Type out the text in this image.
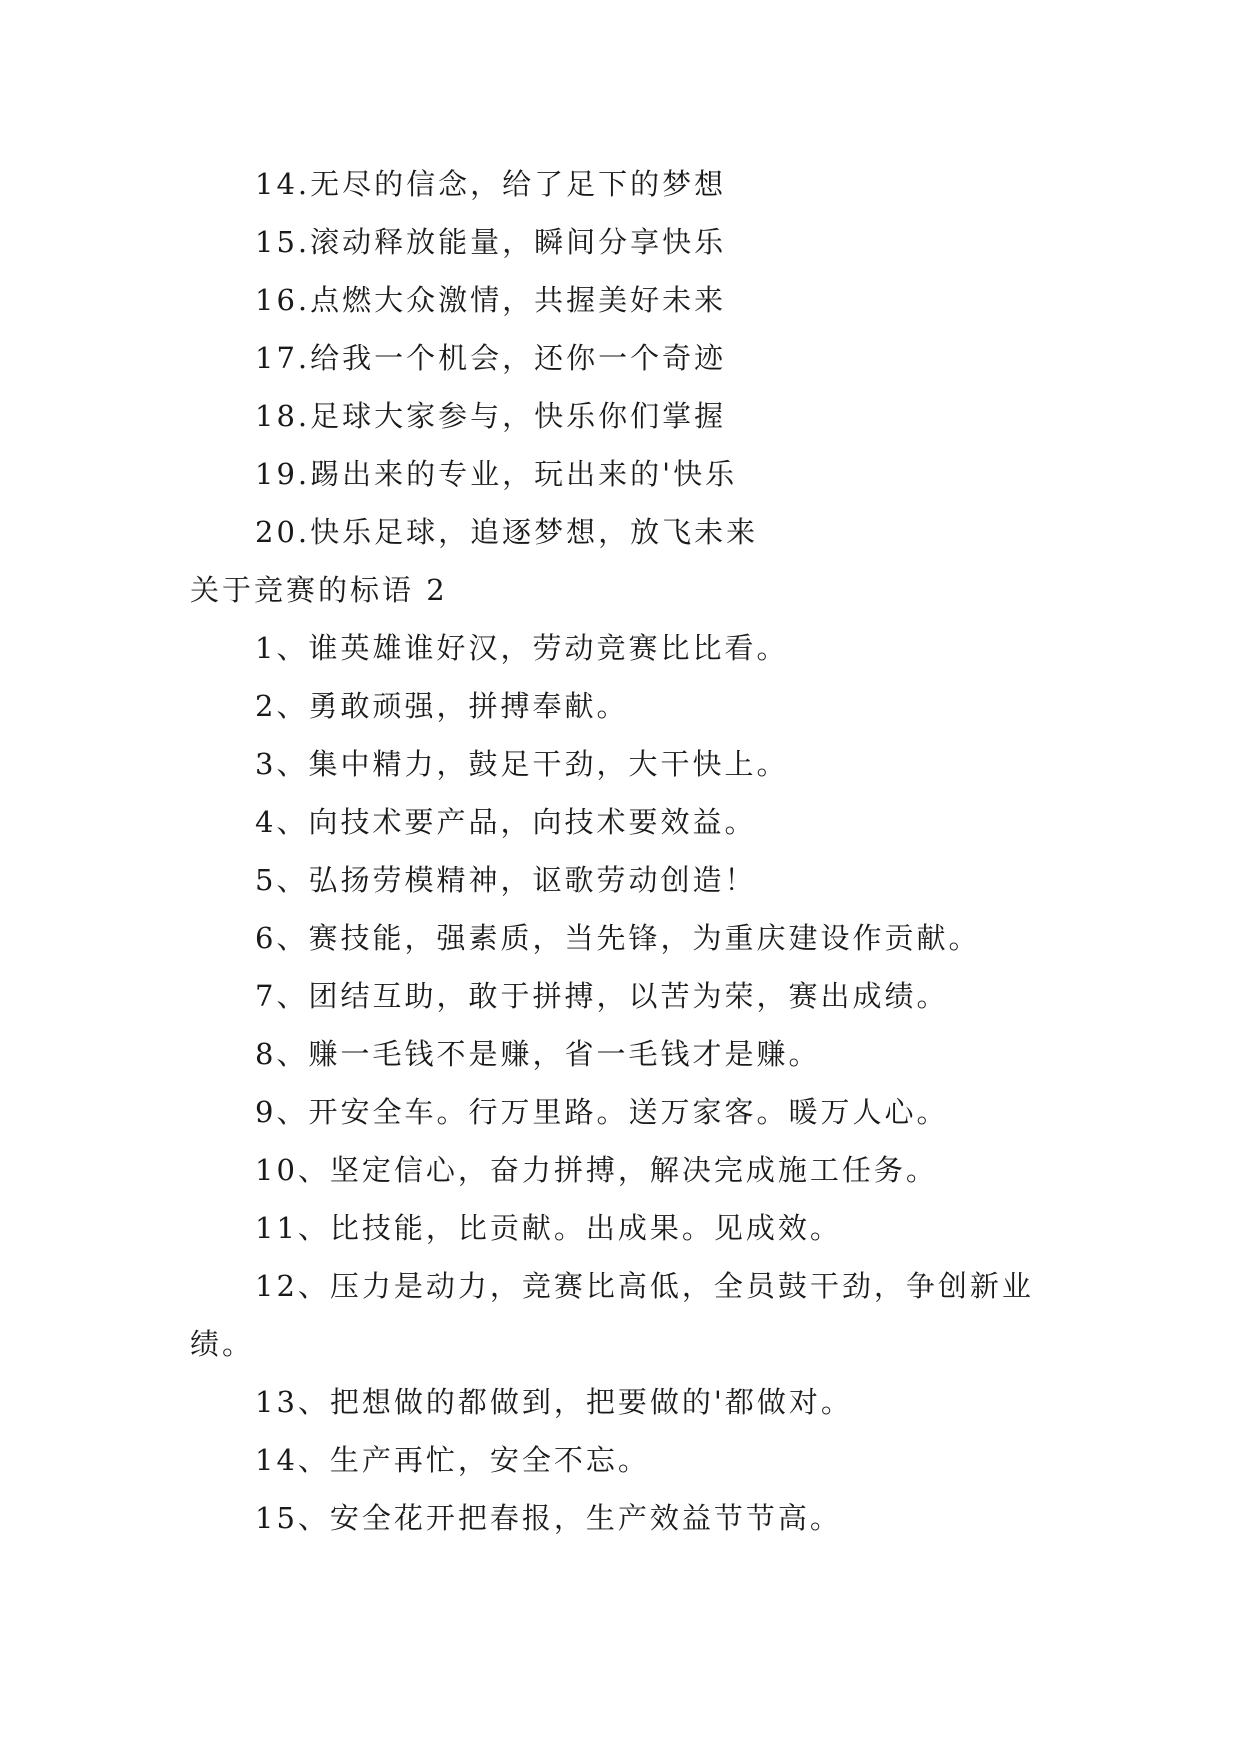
14.无尽的信念，给了足下的梦想
15.滚动释放能量，瞬间分享快乐
16.点燃大众激情，共握美好未来
17.给我一个机会，还你一个奇迹
18.足球大家参与，快乐你们掌握
19.踢出来的专业，玩出来的'快乐
20.快乐足球，追逐梦想，放飞未来
关于竞赛的标语 2
1、谁英雄谁好汉，劳动竞赛比比看。
2、勇敢顽强，拼搏奉献。
3、集中精力，鼓足干劲，大干快上。
4、向技术要产品，向技术要效益。
5、弘扬劳模精神，讴歌劳动创造！
6、赛技能，强素质，当先锋，为重庆建设作贡献。
7、团结互助，敢于拼搏，以苦为荣，赛出成绩。
8、赚一毛钱不是赚，省一毛钱才是赚。
9、开安全车。行万里路。送万家客。暖万人心。
10、坚定信心，奋力拼搏，解决完成施工任务。
11、比技能，比贡献。出成果。见成效。
12、压力是动力，竞赛比高低，全员鼓干劲，争创新业
绩。
13、把想做的都做到，把要做的'都做对。
14、生产再忙，安全不忘。
15、安全花开把春报，生产效益节节高。
